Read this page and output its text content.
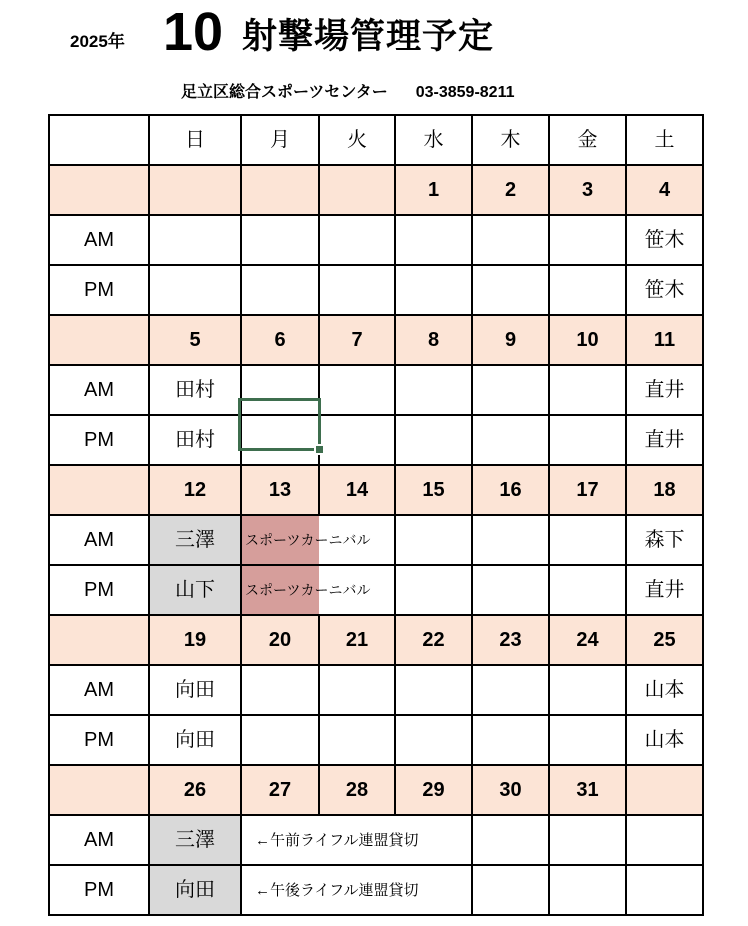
2025年 10 射撃場管理予定
足立区総合スポーツセンター 03-3859-8211
	日	月	火	水	木	金	土
				1	2	3	4
AM							笹木
PM							笹木
	5	6	7	8	9	10	11
AM	田村						直井
PM	田村						直井
	12	13	14	15	16	17	18
AM	三澤	スポーツカーニバル					森下
PM	山下	スポーツカーニバル					直井
	19	20	21	22	23	24	25
AM	向田						山本
PM	向田						山本
	26	27	28	29	30	31	
AM	三澤	←午前ライフル連盟貸切					
PM	向田	←午後ライフル連盟貸切					
